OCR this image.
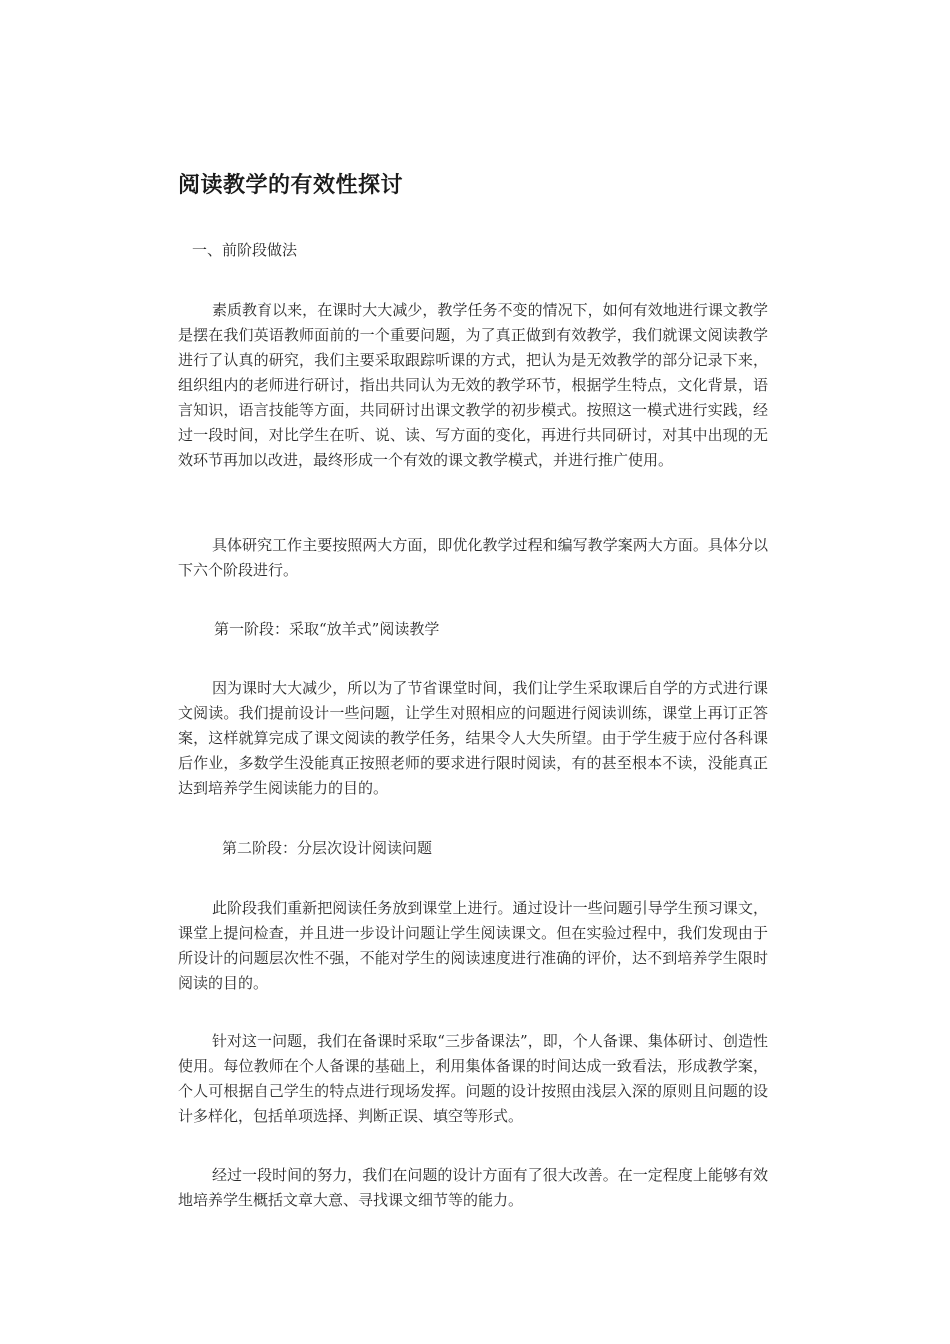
阅读教学的有效性探讨
一、前阶段做法
素质教育以来，在课时大大减少，教学任务不变的情况下，如何有效地进行课文教学是摆在我们英语教师面前的一个重要问题，为了真正做到有效教学，我们就课文阅读教学进行了认真的研究，我们主要采取跟踪听课的方式，把认为是无效教学的部分记录下来，组织组内的老师进行研讨，指出共同认为无效的教学环节，根据学生特点，文化背景，语言知识，语言技能等方面，共同研讨出课文教学的初步模式。按照这一模式进行实践，经过一段时间，对比学生在听、说、读、写方面的变化，再进行共同研讨，对其中出现的无效环节再加以改进，最终形成一个有效的课文教学模式，并进行推广使用。
具体研究工作主要按照两大方面，即优化教学过程和编写教学案两大方面。具体分以下六个阶段进行。
第一阶段：采取“放羊式”阅读教学
因为课时大大减少，所以为了节省课堂时间，我们让学生采取课后自学的方式进行课文阅读。我们提前设计一些问题，让学生对照相应的问题进行阅读训练，课堂上再订正答案，这样就算完成了课文阅读的教学任务，结果令人大失所望。由于学生疲于应付各科课后作业，多数学生没能真正按照老师的要求进行限时阅读，有的甚至根本不读，没能真正达到培养学生阅读能力的目的。
第二阶段：分层次设计阅读问题
此阶段我们重新把阅读任务放到课堂上进行。通过设计一些问题引导学生预习课文，课堂上提问检查，并且进一步设计问题让学生阅读课文。但在实验过程中，我们发现由于所设计的问题层次性不强，不能对学生的阅读速度进行准确的评价，达不到培养学生限时阅读的目的。
针对这一问题，我们在备课时采取“三步备课法”，即，个人备课、集体研讨、创造性使用。每位教师在个人备课的基础上，利用集体备课的时间达成一致看法，形成教学案，个人可根据自己学生的特点进行现场发挥。问题的设计按照由浅层入深的原则且问题的设计多样化，包括单项选择、判断正误、填空等形式。
经过一段时间的努力，我们在问题的设计方面有了很大改善。在一定程度上能够有效地培养学生概括文章大意、寻找课文细节等的能力。
